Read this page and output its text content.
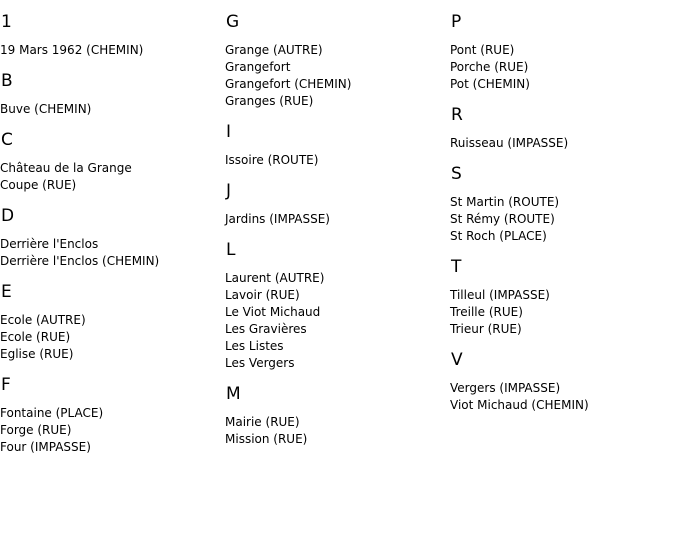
1
19 Mars 1962 (CHEMIN)
B
Buve (CHEMIN)
C
Château de la Grange
Coupe (RUE)
D
Derrière l'Enclos
Derrière l'Enclos (CHEMIN)
E
Ecole (AUTRE)
Ecole (RUE)
Eglise (RUE)
F
Fontaine (PLACE)
Forge (RUE)
Four (IMPASSE)
G
Grange (AUTRE)
Grangefort
Grangefort (CHEMIN)
Granges (RUE)
I
Issoire (ROUTE)
J
Jardins (IMPASSE)
L
Laurent (AUTRE)
Lavoir (RUE)
Le Viot Michaud
Les Gravières
Les Listes
Les Vergers
M
Mairie (RUE)
Mission (RUE)
P
Pont (RUE)
Porche (RUE)
Pot (CHEMIN)
R
Ruisseau (IMPASSE)
S
St Martin (ROUTE)
St Rémy (ROUTE)
St Roch (PLACE)
T
Tilleul (IMPASSE)
Treille (RUE)
Trieur (RUE)
V
Vergers (IMPASSE)
Viot Michaud (CHEMIN)
